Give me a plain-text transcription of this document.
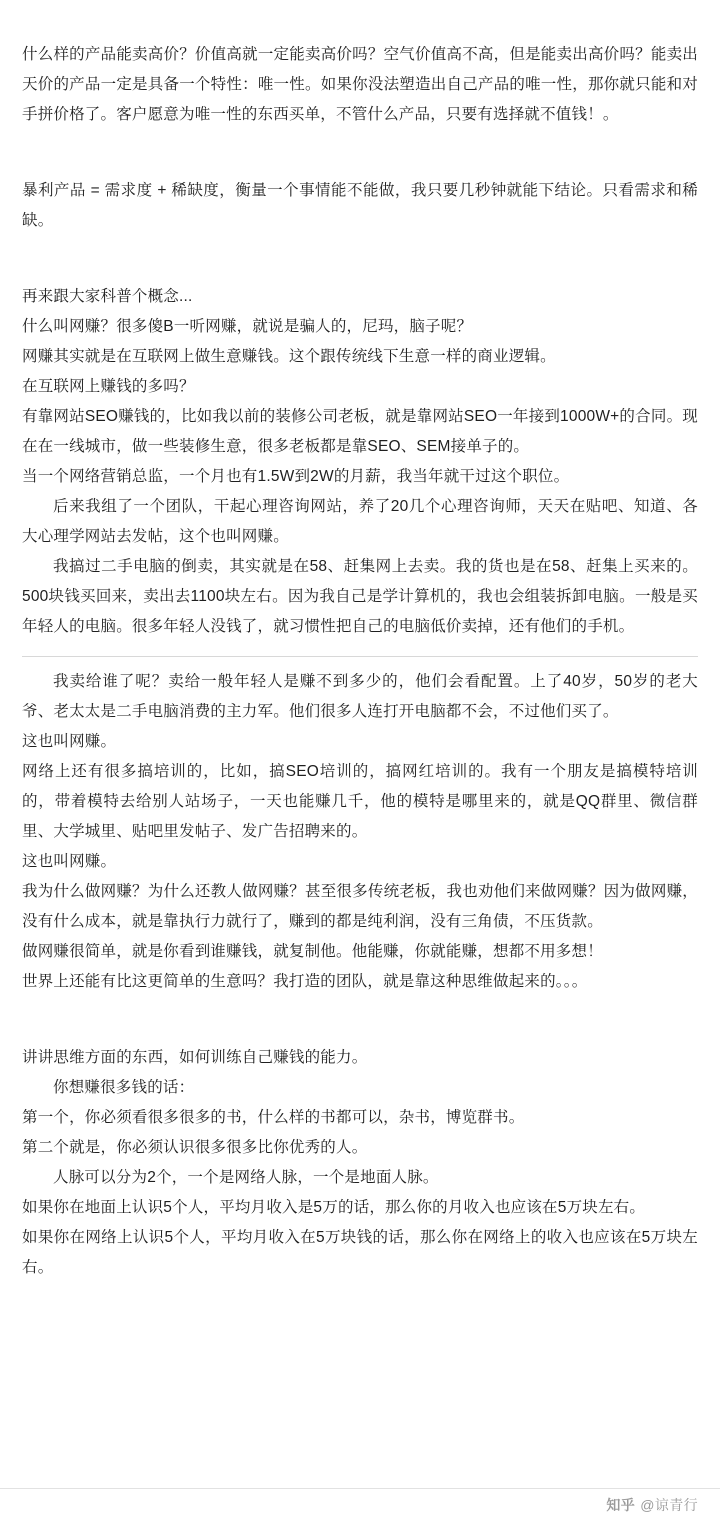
什么样的产品能卖高价？价值高就一定能卖高价吗？空气价值高不高，但是能卖出高价吗？能卖出天价的产品一定是具备一个特性：唯一性。如果你没法塑造出自己产品的唯一性，那你就只能和对手拼价格了。客户愿意为唯一性的东西买单，不管什么产品，只要有选择就不值钱！。

暴利产品 = 需求度 + 稀缺度，衡量一个事情能不能做，我只要几秒钟就能下结论。只看需求和稀缺。

再来跟大家科普个概念...

什么叫网赚？很多傻B一听网赚，就说是骗人的，尼玛，脑子呢？

网赚其实就是在互联网上做生意赚钱。这个跟传统线下生意一样的商业逻辑。

在互联网上赚钱的多吗？

有靠网站SEO赚钱的，比如我以前的装修公司老板，就是靠网站SEO一年接到1000W+的合同。现在在一线城市，做一些装修生意，很多老板都是靠SEO、SEM接单子的。

当一个网络营销总监，一个月也有1.5W到2W的月薪，我当年就干过这个职位。

后来我组了一个团队，干起心理咨询网站，养了20几个心理咨询师，天天在贴吧、知道、各大心理学网站去发帖，这个也叫网赚。

我搞过二手电脑的倒卖，其实就是在58、赶集网上去卖。我的货也是在58、赶集上买来的。500块钱买回来，卖出去1100块左右。因为我自己是学计算机的，我也会组装拆卸电脑。一般是买年轻人的电脑。很多年轻人没钱了，就习惯性把自己的电脑低价卖掉，还有他们的手机。

我卖给谁了呢？卖给一般年轻人是赚不到多少的，他们会看配置。上了40岁，50岁的老大爷、老太太是二手电脑消费的主力军。他们很多人连打开电脑都不会，不过他们买了。

这也叫网赚。

网络上还有很多搞培训的，比如，搞SEO培训的，搞网红培训的。我有一个朋友是搞模特培训的，带着模特去给别人站场子，一天也能赚几千，他的模特是哪里来的，就是QQ群里、微信群里、大学城里、贴吧里发帖子、发广告招聘来的。

这也叫网赚。

我为什么做网赚？为什么还教人做网赚？甚至很多传统老板，我也劝他们来做网赚？因为做网赚，没有什么成本，就是靠执行力就行了，赚到的都是纯利润，没有三角债，不压货款。

做网赚很简单，就是你看到谁赚钱，就复制他。他能赚，你就能赚，想都不用多想！

世界上还能有比这更简单的生意吗？我打造的团队，就是靠这种思维做起来的。。。

讲讲思维方面的东西，如何训练自己赚钱的能力。

你想赚很多钱的话：

第一个，你必须看很多很多的书，什么样的书都可以，杂书，博览群书。

第二个就是，你必须认识很多很多比你优秀的人。

人脉可以分为2个，一个是网络人脉，一个是地面人脉。

如果你在地面上认识5个人，平均月收入是5万的话，那么你的月收入也应该在5万块左右。

如果你在网络上认识5个人，平均月收入在5万块钱的话，那么你在网络上的收入也应该在5万块左右。

知乎 @谅青行
